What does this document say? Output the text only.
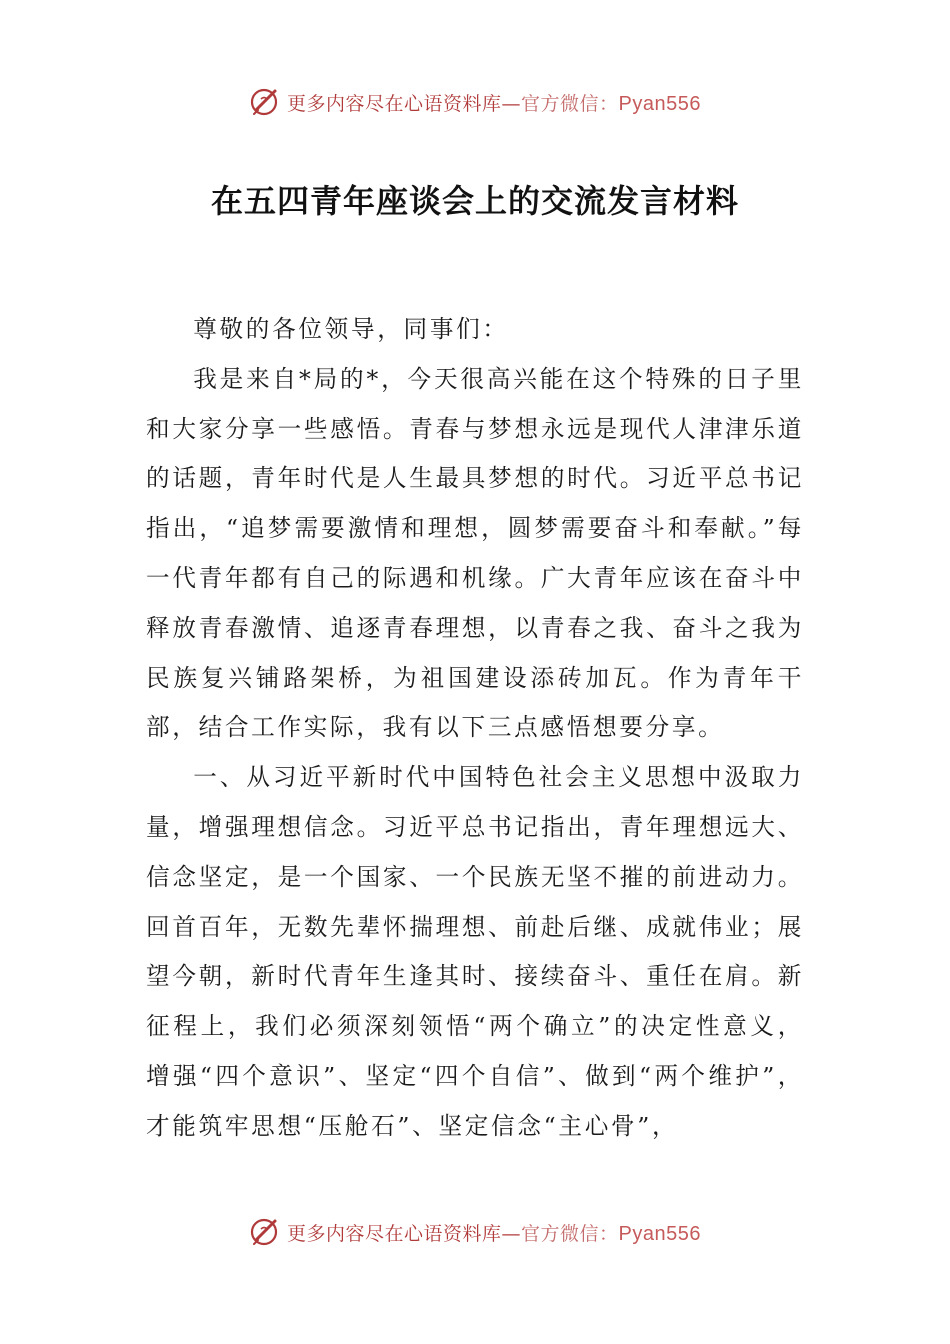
更多内容尽在心语资料库—官方微信：Pyan556
在五四青年座谈会上的交流发言材料

尊敬的各位领导，同事们：

我是来自*局的*，今天很高兴能在这个特殊的日子里和大家分享一些感悟。青春与梦想永远是现代人津津乐道的话题，青年时代是人生最具梦想的时代。习近平总书记指出，“追梦需要激情和理想，圆梦需要奋斗和奉献。”每一代青年都有自己的际遇和机缘。广大青年应该在奋斗中释放青春激情、追逐青春理想，以青春之我、奋斗之我为民族复兴铺路架桥，为祖国建设添砖加瓦。作为青年干部，结合工作实际，我有以下三点感悟想要分享。

一、从习近平新时代中国特色社会主义思想中汲取力量，增强理想信念。习近平总书记指出，青年理想远大、信念坚定，是一个国家、一个民族无坚不摧的前进动力。回首百年，无数先辈怀揣理想、前赴后继、成就伟业；展望今朝，新时代青年生逢其时、接续奋斗、重任在肩。新征程上，我们必须深刻领悟“两个确立”的决定性意义，增强“四个意识”、坚定“四个自信”、做到“两个维护”，才能筑牢思想“压舱石”、坚定信念“主心骨”，

更多内容尽在心语资料库—官方微信：Pyan556
